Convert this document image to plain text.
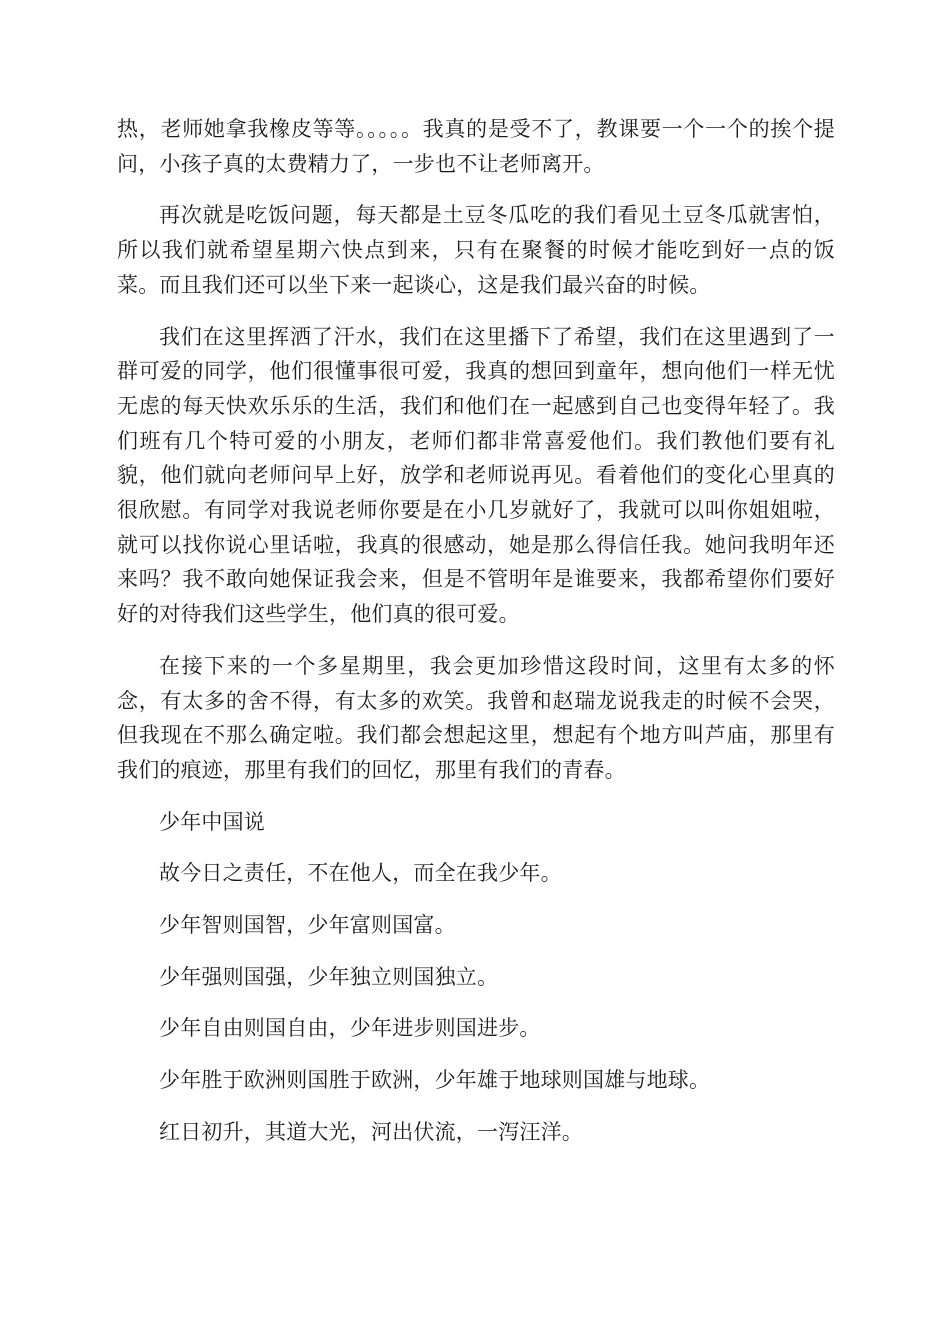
热，老师她拿我橡皮等等。。。。。我真的是受不了，教课要一个一个的挨个提问，小孩子真的太费精力了，一步也不让老师离开。

再次就是吃饭问题，每天都是土豆冬瓜吃的我们看见土豆冬瓜就害怕，所以我们就希望星期六快点到来，只有在聚餐的时候才能吃到好一点的饭菜。而且我们还可以坐下来一起谈心，这是我们最兴奋的时候。

我们在这里挥洒了汗水，我们在这里播下了希望，我们在这里遇到了一群可爱的同学，他们很懂事很可爱，我真的想回到童年，想向他们一样无忧无虑的每天快欢乐乐的生活，我们和他们在一起感到自己也变得年轻了。我们班有几个特可爱的小朋友，老师们都非常喜爱他们。我们教他们要有礼貌，他们就向老师问早上好，放学和老师说再见。看着他们的变化心里真的很欣慰。有同学对我说老师你要是在小几岁就好了，我就可以叫你姐姐啦，就可以找你说心里话啦，我真的很感动，她是那么得信任我。她问我明年还来吗？我不敢向她保证我会来，但是不管明年是谁要来，我都希望你们要好好的对待我们这些学生，他们真的很可爱。

在接下来的一个多星期里，我会更加珍惜这段时间，这里有太多的怀念，有太多的舍不得，有太多的欢笑。我曾和赵瑞龙说我走的时候不会哭，但我现在不那么确定啦。我们都会想起这里，想起有个地方叫芦庙，那里有我们的痕迹，那里有我们的回忆，那里有我们的青春。

少年中国说

故今日之责任，不在他人，而全在我少年。

少年智则国智，少年富则国富。

少年强则国强，少年独立则国独立。

少年自由则国自由，少年进步则国进步。

少年胜于欧洲则国胜于欧洲，少年雄于地球则国雄与地球。

红日初升，其道大光，河出伏流，一泻汪洋。
